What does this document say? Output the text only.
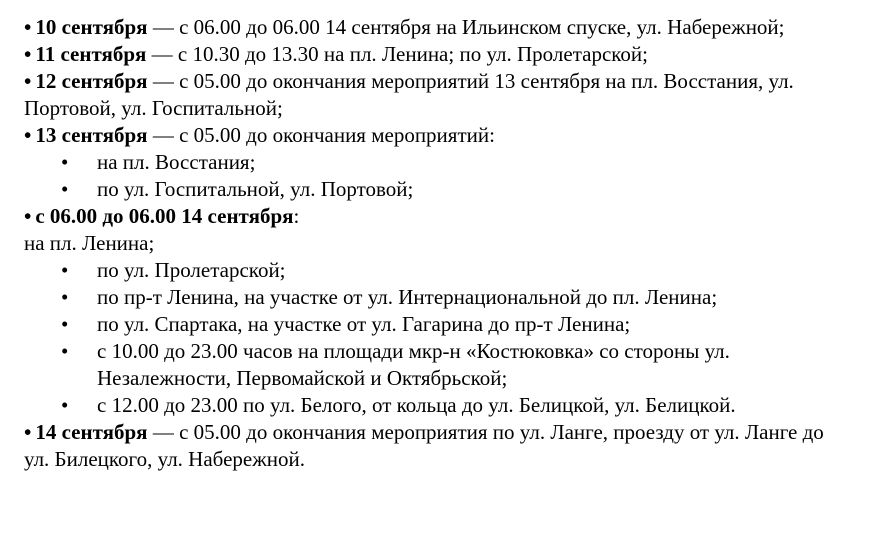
• 10 сентября — с 06.00 до 06.00 14 сентября на Ильинском спуске, ул. Набережной;

• 11 сентября — с 10.30 до 13.30 на пл. Ленина; по ул. Пролетарской;

• 12 сентября — с 05.00 до окончания мероприятий 13 сентября на пл. Восстания, ул. Портовой, ул. Госпитальной;

• 13 сентября — с 05.00 до окончания мероприятий:

• на пл. Восстания;
• по ул. Госпитальной, ул. Портовой;

• с 06.00 до 06.00 14 сентября:

на пл. Ленина;

• по ул. Пролетарской;
• по пр-т Ленина, на участке от ул. Интернациональной до пл. Ленина;
• по ул. Спартака, на участке от ул. Гагарина до пр-т Ленина;
• с 10.00 до 23.00 часов на площади мкр-н «Костюковка» со стороны ул. Незалежности, Первомайской и Октябрьской;
• с 12.00 до 23.00 по ул. Белого, от кольца до ул. Белицкой, ул. Белицкой.

• 14 сентября — с 05.00 до окончания мероприятия по ул. Ланге, проезду от ул. Ланге до ул. Билецкого, ул. Набережной.
